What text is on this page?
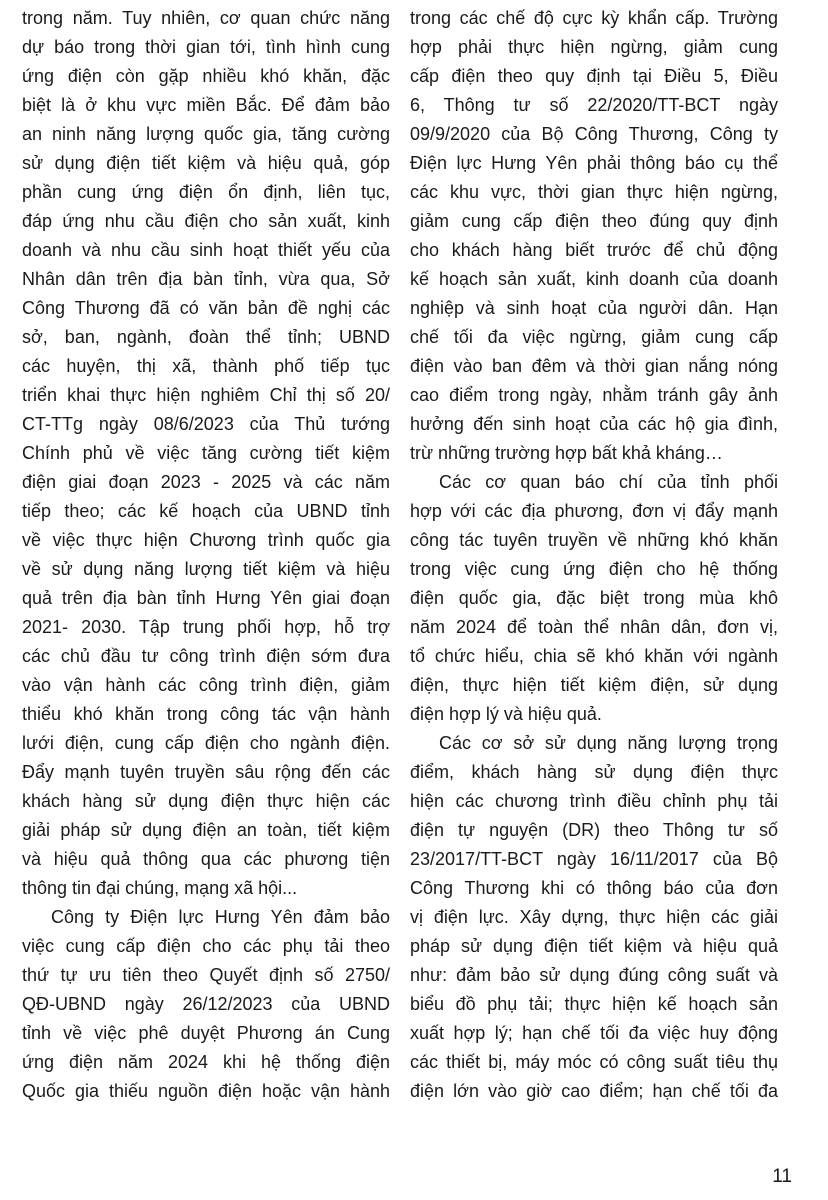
trong năm. Tuy nhiên, cơ quan chức năng
dự báo trong thời gian tới, tình hình cung
ứng điện còn gặp nhiều khó khăn, đặc
biệt là ở khu vực miền Bắc. Để đảm bảo
an ninh năng lượng quốc gia, tăng cường
sử dụng điện tiết kiệm và hiệu quả, góp
phần cung ứng điện ổn định, liên tục,
đáp ứng nhu cầu điện cho sản xuất, kinh
doanh và nhu cầu sinh hoạt thiết yếu của
Nhân dân trên địa bàn tỉnh, vừa qua, Sở
Công Thương đã có văn bản đề nghị các
sở, ban, ngành, đoàn thể tỉnh; UBND
các huyện, thị xã, thành phố tiếp tục
triển khai thực hiện nghiêm Chỉ thị số 20/
CT-TTg ngày 08/6/2023 của Thủ tướng
Chính phủ về việc tăng cường tiết kiệm
điện giai đoạn 2023 - 2025 và các năm
tiếp theo; các kế hoạch của UBND tỉnh
về việc thực hiện Chương trình quốc gia
về sử dụng năng lượng tiết kiệm và hiệu
quả trên địa bàn tỉnh Hưng Yên giai đoạn
2021- 2030. Tập trung phối hợp, hỗ trợ
các chủ đầu tư công trình điện sớm đưa
vào vận hành các công trình điện, giảm
thiểu khó khăn trong công tác vận hành
lưới điện, cung cấp điện cho ngành điện.
Đẩy mạnh tuyên truyền sâu rộng đến các
khách hàng sử dụng điện thực hiện các
giải pháp sử dụng điện an toàn, tiết kiệm
và hiệu quả thông qua các phương tiện
thông tin đại chúng, mạng xã hội...
Công ty Điện lực Hưng Yên đảm bảo
việc cung cấp điện cho các phụ tải theo
thứ tự ưu tiên theo Quyết định số 2750/
QĐ-UBND ngày 26/12/2023 của UBND
tỉnh về việc phê duyệt Phương án Cung
ứng điện năm 2024 khi hệ thống điện
Quốc gia thiếu nguồn điện hoặc vận hành
trong các chế độ cực kỳ khẩn cấp. Trường
hợp phải thực hiện ngừng, giảm cung
cấp điện theo quy định tại Điều 5, Điều
6, Thông tư số 22/2020/TT-BCT ngày
09/9/2020 của Bộ Công Thương, Công ty
Điện lực Hưng Yên phải thông báo cụ thể
các khu vực, thời gian thực hiện ngừng,
giảm cung cấp điện theo đúng quy định
cho khách hàng biết trước để chủ động
kế hoạch sản xuất, kinh doanh của doanh
nghiệp và sinh hoạt của người dân. Hạn
chế tối đa việc ngừng, giảm cung cấp
điện vào ban đêm và thời gian nắng nóng
cao điểm trong ngày, nhằm tránh gây ảnh
hưởng đến sinh hoạt của các hộ gia đình,
trừ những trường hợp bất khả kháng…
Các cơ quan báo chí của tỉnh phối
hợp với các địa phương, đơn vị đẩy mạnh
công tác tuyên truyền về những khó khăn
trong việc cung ứng điện cho hệ thống
điện quốc gia, đặc biệt trong mùa khô
năm 2024 để toàn thể nhân dân, đơn vị,
tổ chức hiểu, chia sẽ khó khăn với ngành
điện, thực hiện tiết kiệm điện, sử dụng
điện hợp lý và hiệu quả.
Các cơ sở sử dụng năng lượng trọng
điểm, khách hàng sử dụng điện thực
hiện các chương trình điều chỉnh phụ tải
điện tự nguyện (DR) theo Thông tư số
23/2017/TT-BCT ngày 16/11/2017 của Bộ
Công Thương khi có thông báo của đơn
vị điện lực. Xây dựng, thực hiện các giải
pháp sử dụng điện tiết kiệm và hiệu quả
như: đảm bảo sử dụng đúng công suất và
biểu đồ phụ tải; thực hiện kế hoạch sản
xuất hợp lý; hạn chế tối đa việc huy động
các thiết bị, máy móc có công suất tiêu thụ
điện lớn vào giờ cao điểm; hạn chế tối đa
11
